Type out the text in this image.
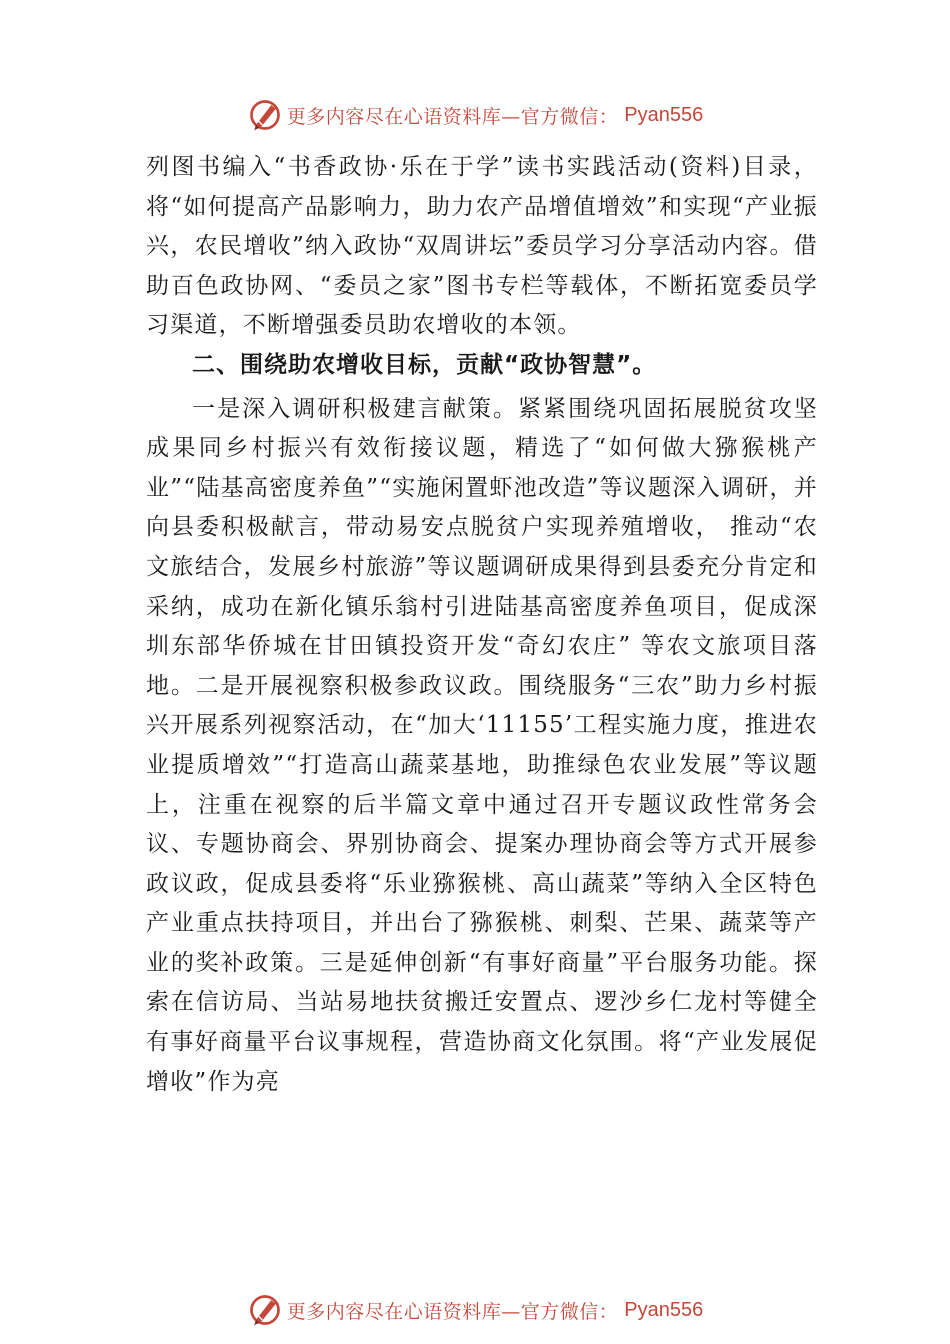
更多内容尽在心语资料库—官方微信： Pyan556

列图书编入“书香政协·乐在于学”读书实践活动(资料)目录，将“如何提高产品影响力，助力农产品增值增效”和实现“产业振兴，农民增收”纳入政协“双周讲坛”委员学习分享活动内容。借助百色政协网、“委员之家”图书专栏等载体，不断拓宽委员学习渠道，不断增强委员助农增收的本领。

二、围绕助农增收目标，贡献“政协智慧”。

一是深入调研积极建言献策。紧紧围绕巩固拓展脱贫攻坚成果同乡村振兴有效衔接议题，精选了“如何做大猕猴桃产业”“陆基高密度养鱼”“实施闲置虾池改造”等议题深入调研，并向县委积极献言，带动易安点脱贫户实现养殖增收， 推动“农文旅结合，发展乡村旅游”等议题调研成果得到县委充分肯定和采纳，成功在新化镇乐翁村引进陆基高密度养鱼项目，促成深圳东部华侨城在甘田镇投资开发“奇幻农庄” 等农文旅项目落地。二是开展视察积极参政议政。围绕服务“三农”助力乡村振兴开展系列视察活动，在“加大‘11155’工程实施力度，推进农业提质增效”“打造高山蔬菜基地，助推绿色农业发展”等议题上，注重在视察的后半篇文章中通过召开专题议政性常务会议、专题协商会、界别协商会、提案办理协商会等方式开展参政议政，促成县委将“乐业猕猴桃、高山蔬菜”等纳入全区特色产业重点扶持项目，并出台了猕猴桃、刺梨、芒果、蔬菜等产业的奖补政策。三是延伸创新“有事好商量”平台服务功能。探索在信访局、当站易地扶贫搬迁安置点、逻沙乡仁龙村等健全有事好商量平台议事规程，营造协商文化氛围。将“产业发展促增收”作为亮

更多内容尽在心语资料库—官方微信： Pyan556
